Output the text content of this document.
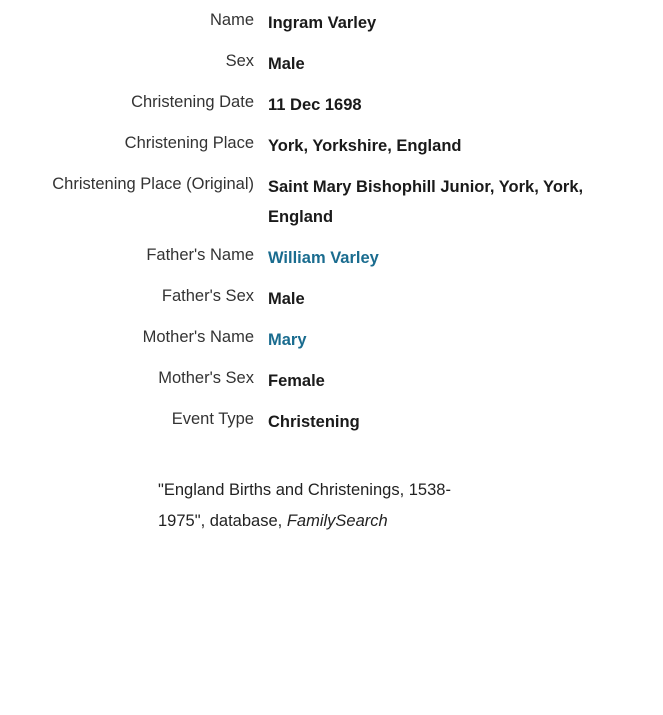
Name Ingram Varley
Sex Male
Christening Date 11 Dec 1698
Christening Place York, Yorkshire, England
Christening Place (Original) Saint Mary Bishophill Junior, York, York, England
Father's Name William Varley
Father's Sex Male
Mother's Name Mary
Mother's Sex Female
Event Type Christening
"England Births and Christenings, 1538-1975", database, FamilySearch
